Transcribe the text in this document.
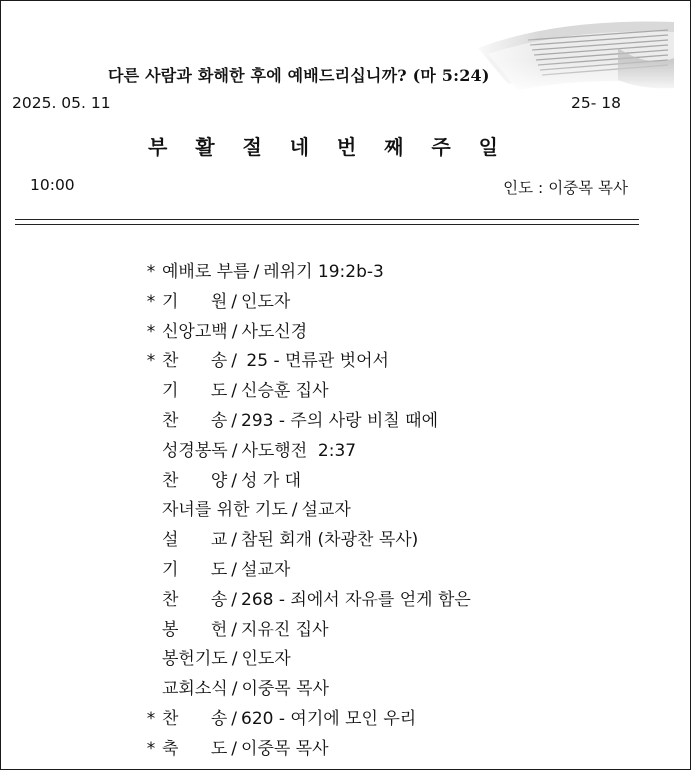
다른 사람과 화해한 후에 예배드리십니까? (마 5:24)
2025. 05. 11	25- 18
부 활 절 네 번 째 주 일
10:00	인도 : 이중목 목사
* 예배로 부름 / 레위기 19:2b-3
* 기      원 / 인도자
* 신앙고백 / 사도신경
* 찬      송 / 25 - 면류관 벗어서
기      도 / 신승훈 집사
찬      송 / 293 - 주의 사랑 비칠 때에
성경봉독 / 사도행전  2:37
찬      양 / 성 가 대
자녀를 위한 기도 / 설교자
설      교 / 참된 회개 (차광찬 목사)
기      도 / 설교자
찬      송 / 268 - 죄에서 자유를 얻게 함은
봉      헌 / 지유진 집사
봉헌기도 / 인도자
교회소식 / 이중목 목사
* 찬      송 / 620 - 여기에 모인 우리
* 축      도 / 이중목 목사
